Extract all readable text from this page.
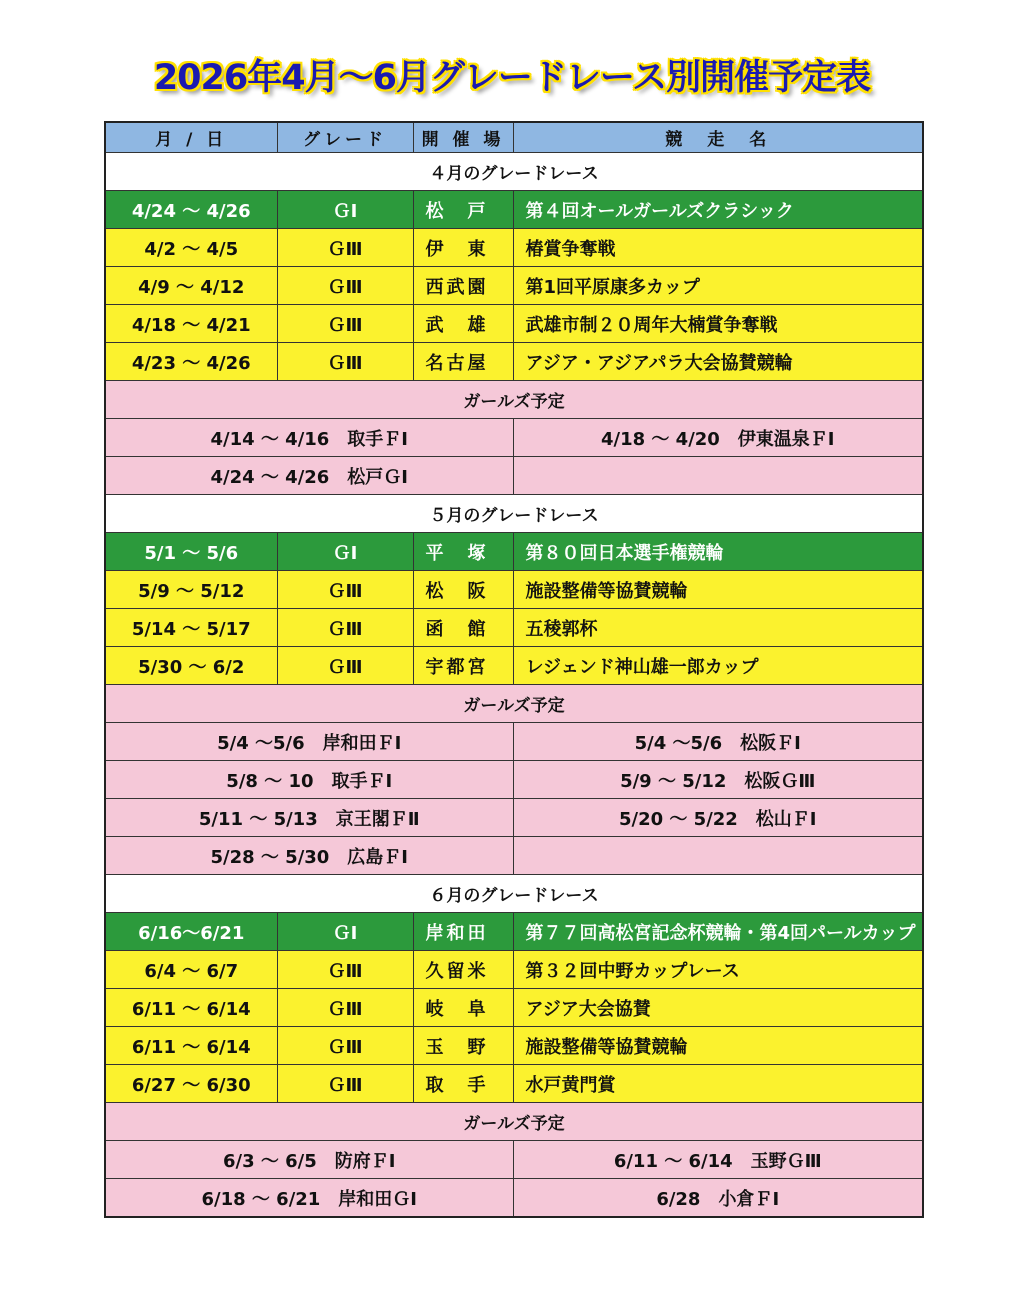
2026年4月～6月グレードレース別開催予定表
月 / 日	グレード	開 催 場	競　走　名
４月のグレードレース			
4/24 ～ 4/26	ＧⅠ	松 戸	第４回オールガールズクラシック
4/2 ～ 4/5	ＧⅢ	伊 東	椿賞争奪戦
4/9 ～ 4/12	ＧⅢ	西 武 園	第1回平原康多カップ
4/18 ～ 4/21	ＧⅢ	武 雄	武雄市制２０周年大楠賞争奪戦
4/23 ～ 4/26	ＧⅢ	名 古 屋	アジア・アジアパラ大会協賛競輪
ガールズ予定			
4/14 ～ 4/16　取手ＦⅠ			4/18 ～ 4/20　伊東温泉ＦⅠ
4/24 ～ 4/26　松戸ＧⅠ			
５月のグレードレース			
5/1 ～ 5/6	ＧⅠ	平 塚	第８０回日本選手権競輪
5/9 ～ 5/12	ＧⅢ	松 阪	施設整備等協賛競輪
5/14 ～ 5/17	ＧⅢ	函 館	五稜郭杯
5/30 ～ 6/2	ＧⅢ	宇 都 宮	レジェンド神山雄一郎カップ
ガールズ予定			
5/4 ～5/6　岸和田ＦⅠ			5/4 ～5/6　松阪ＦⅠ
5/8 ～ 10　取手ＦⅠ			5/9 ～ 5/12　松阪ＧⅢ
5/11 ～ 5/13　京王閣ＦⅡ			5/20 ～ 5/22　松山ＦⅠ
5/28 ～ 5/30　広島ＦⅠ			
６月のグレードレース			
6/16～6/21	ＧⅠ	岸 和 田	第７７回高松宮記念杯競輪・第4回パールカップ
6/4 ～ 6/7	ＧⅢ	久 留 米	第３２回中野カップレース
6/11 ～ 6/14	ＧⅢ	岐 阜	アジア大会協賛
6/11 ～ 6/14	ＧⅢ	玉 野	施設整備等協賛競輪
6/27 ～ 6/30	ＧⅢ	取 手	水戸黄門賞
ガールズ予定			
6/3 ～ 6/5　防府ＦⅠ			6/11 ～ 6/14　玉野ＧⅢ
6/18 ～ 6/21　岸和田ＧⅠ			6/28　小倉ＦⅠ
